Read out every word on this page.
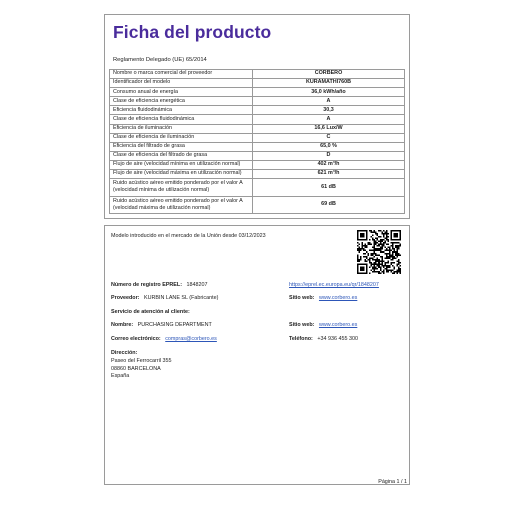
Ficha del producto
Reglamento Delegado (UE) 65/2014
Nombre o marca comercial del proveedor	CORBERO
Identificador del modelo	KURAMATHI760B
Consumo anual de energía	36,0 kWh/año
Clase de eficiencia energética	A
Eficiencia fluidodinámica	30,3
Clase de eficiencia fluidodinámica	A
Eficiencia de iluminación	16,6 Lux/W
Clase de eficiencia de iluminación	C
Eficiencia del filtrado de grasa	65,0 %
Clase de eficiencia del filtrado de grasa	D
Flujo de aire (velocidad mínima en utilización normal)	402 m³/h
Flujo de aire (velocidad máxima en utilización normal)	621 m³/h
Ruido acústico aéreo emitido ponderado por el valor A
(velocidad mínima de utilización normal)	61 dB
Ruido acústico aéreo emitido ponderado por el valor A
(velocidad máxima de utilización normal)	69 dB
Modelo introducido en el mercado de la Unión desde 03/12/2023
Número de registro EPREL: 1848207	https://eprel.ec.europa.eu/qr/1848207
Proveedor: KURBIN LANE SL (Fabricante)	Sitio web: www.corbero.es
Servicio de atención al cliente:
Nombre: PURCHASING DEPARTMENT	Sitio web: www.corbero.es
Correo electrónico: compras@corbero.es	Teléfono: +34 936 455 300
Dirección:
Paseo del Ferrocarril 355
08860 BARCELONA
España
Página 1 / 1
